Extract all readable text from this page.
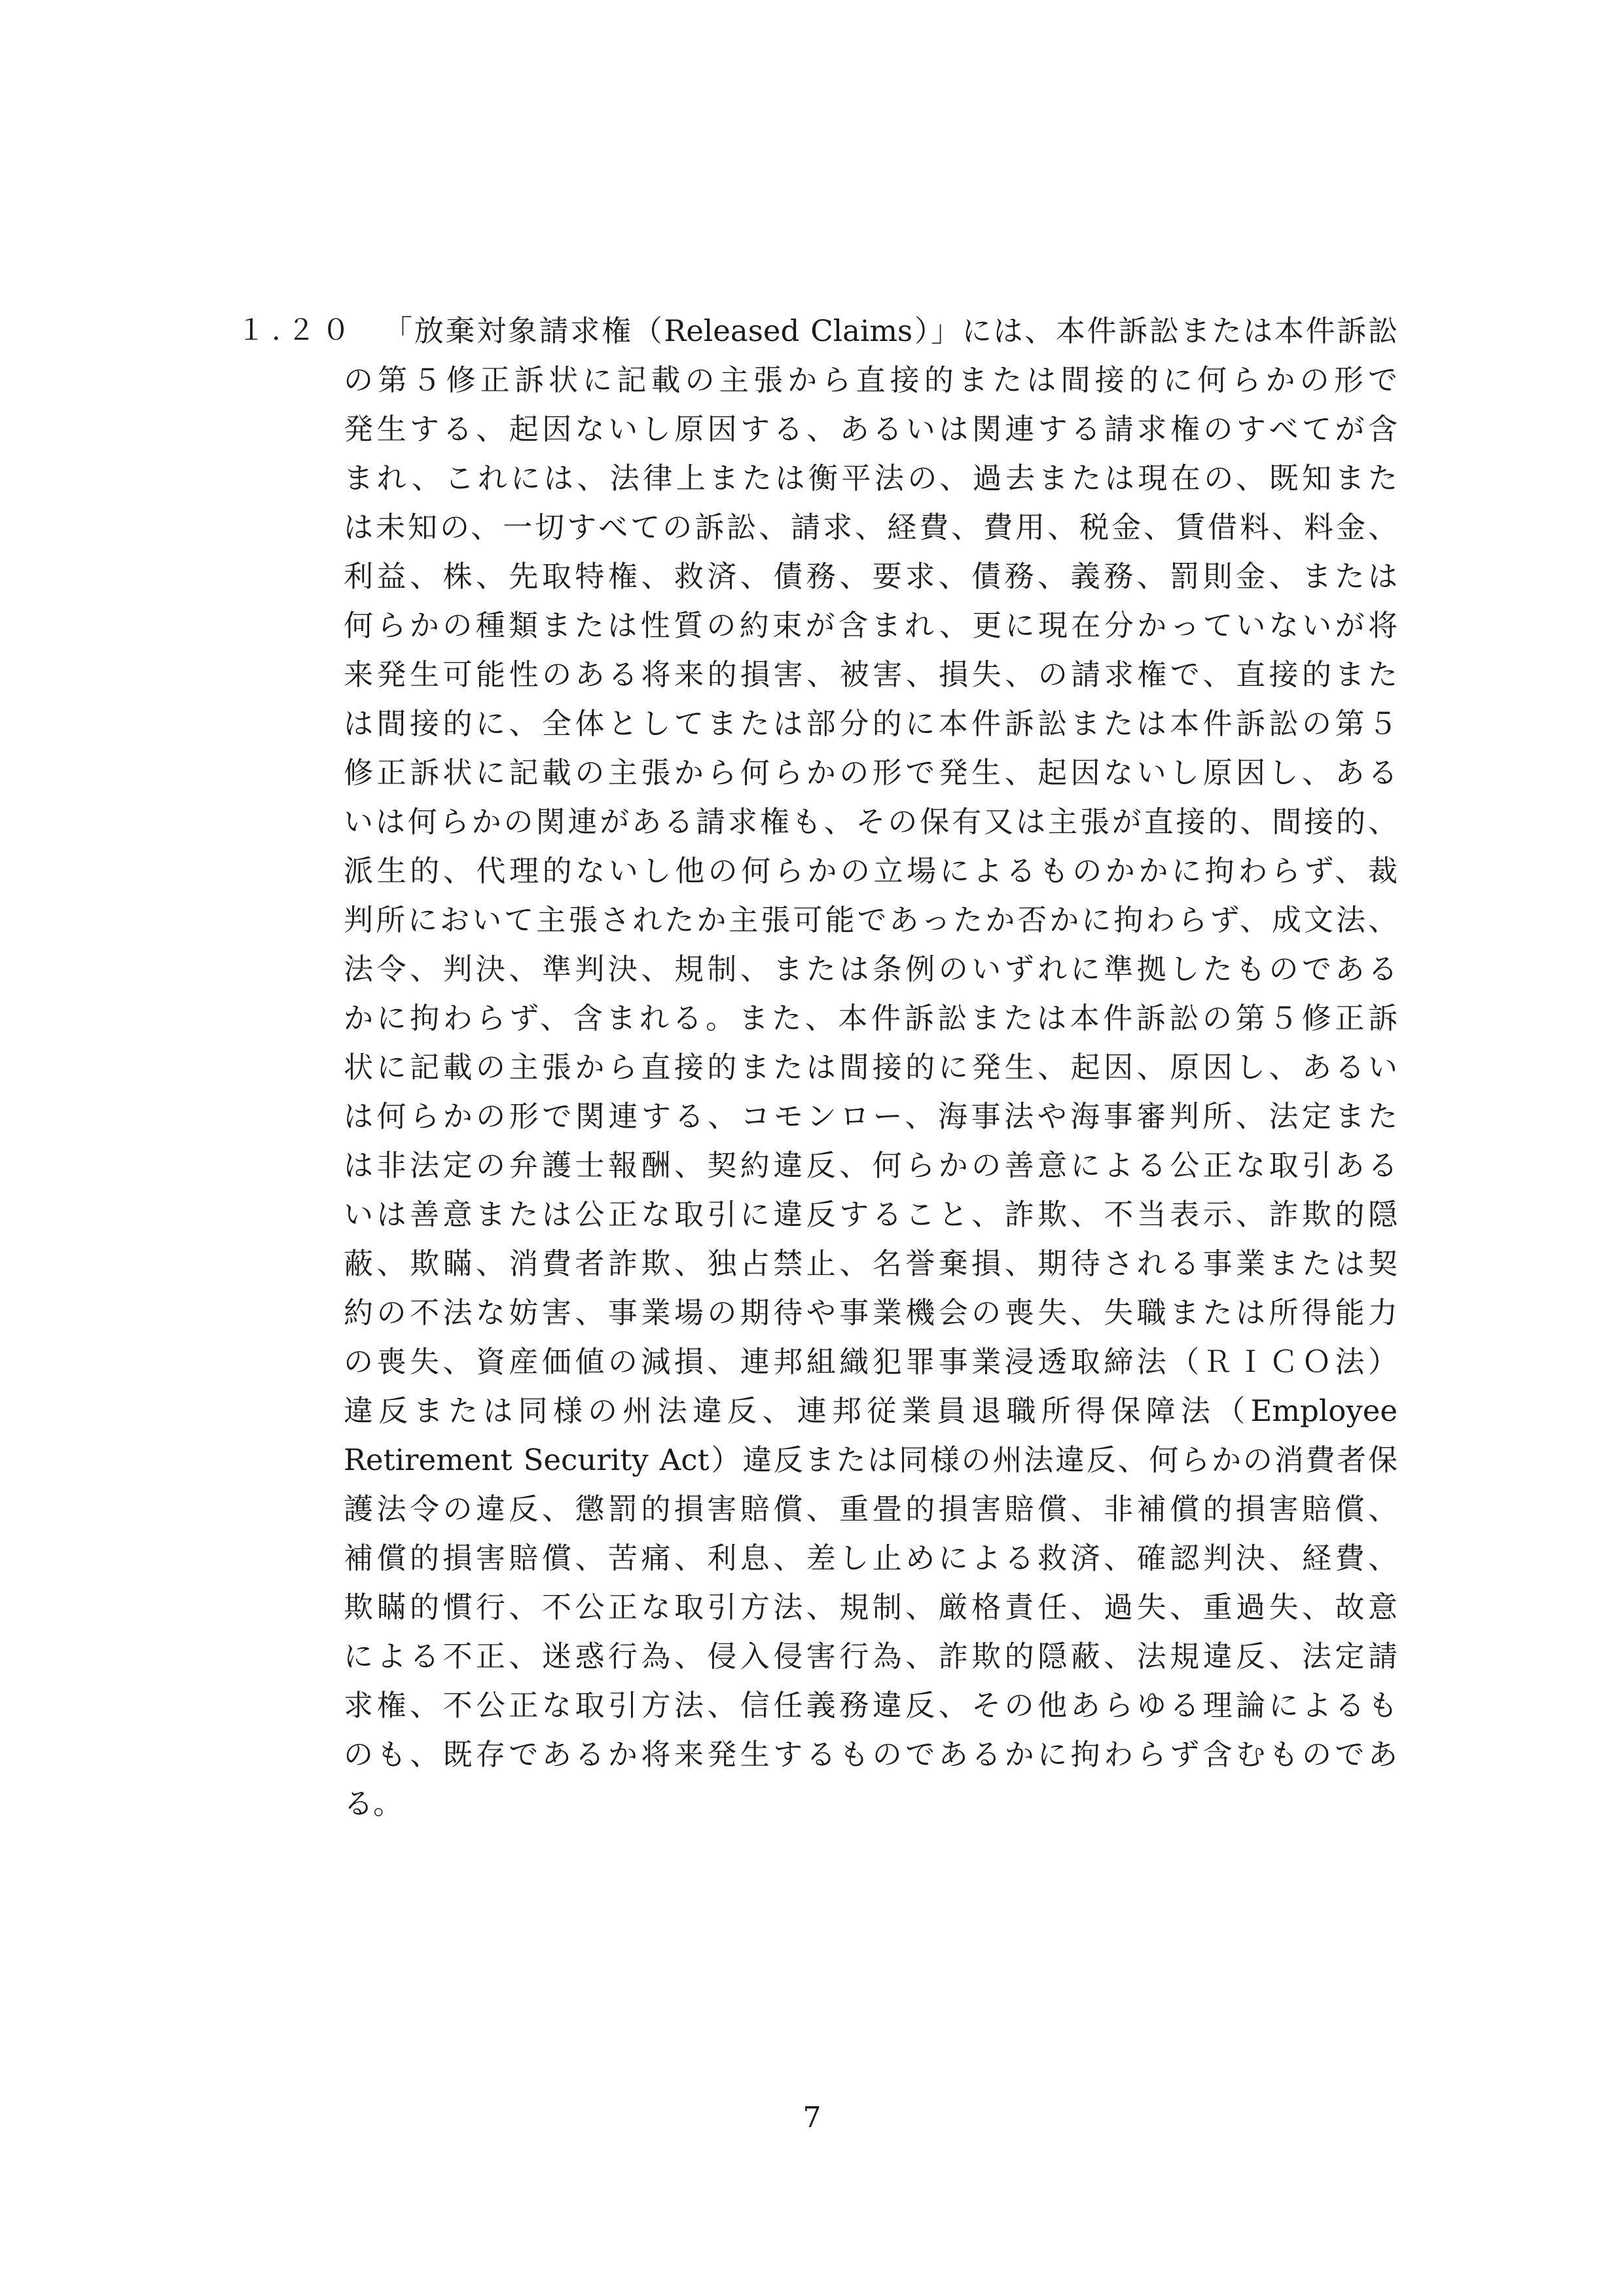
１.２０ 「放棄対象請求権（Released Claims）」には、本件訴訟または本件訴訟
の第５修正訴状に記載の主張から直接的または間接的に何らかの形で
発生する、起因ないし原因する、あるいは関連する請求権のすべてが含
まれ、これには、法律上または衡平法の、過去または現在の、既知また
は未知の、一切すべての訴訟、請求、経費、費用、税金、賃借料、料金、
利益、株、先取特権、救済、債務、要求、債務、義務、罰則金、または
何らかの種類または性質の約束が含まれ、更に現在分かっていないが将
来発生可能性のある将来的損害、被害、損失、の請求権で、直接的また
は間接的に、全体としてまたは部分的に本件訴訟または本件訴訟の第５
修正訴状に記載の主張から何らかの形で発生、起因ないし原因し、ある
いは何らかの関連がある請求権も、その保有又は主張が直接的、間接的、
派生的、代理的ないし他の何らかの立場によるものかかに拘わらず、裁
判所において主張されたか主張可能であったか否かに拘わらず、成文法、
法令、判決、準判決、規制、または条例のいずれに準拠したものである
かに拘わらず、含まれる。また、本件訴訟または本件訴訟の第５修正訴
状に記載の主張から直接的または間接的に発生、起因、原因し、あるい
は何らかの形で関連する、コモンロー、海事法や海事審判所、法定また
は非法定の弁護士報酬、契約違反、何らかの善意による公正な取引ある
いは善意または公正な取引に違反すること、詐欺、不当表示、詐欺的隠
蔽、欺瞞、消費者詐欺、独占禁止、名誉棄損、期待される事業または契
約の不法な妨害、事業場の期待や事業機会の喪失、失職または所得能力
の喪失、資産価値の減損、連邦組織犯罪事業浸透取締法（ＲＩＣＯ法）
違反または同様の州法違反、連邦従業員退職所得保障法（Employee
Retirement Security Act）違反または同様の州法違反、何らかの消費者保
護法令の違反、懲罰的損害賠償、重畳的損害賠償、非補償的損害賠償、
補償的損害賠償、苦痛、利息、差し止めによる救済、確認判決、経費、
欺瞞的慣行、不公正な取引方法、規制、厳格責任、過失、重過失、故意
による不正、迷惑行為、侵入侵害行為、詐欺的隠蔽、法規違反、法定請
求権、不公正な取引方法、信任義務違反、その他あらゆる理論によるも
のも、既存であるか将来発生するものであるかに拘わらず含むものであ
る。
7
